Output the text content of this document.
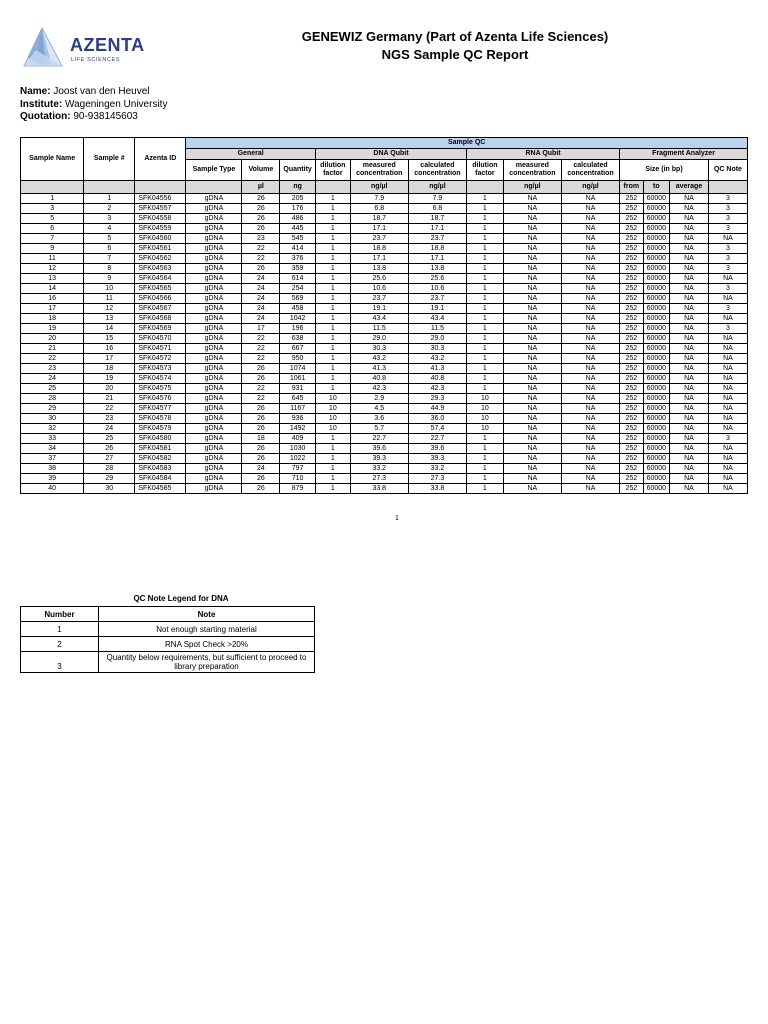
AZENTA
LIFE SCIENCES
GENEWIZ Germany (Part of Azenta Life Sciences)
NGS Sample QC Report
Name: Joost van den Heuvel
Institute: Wageningen University
Quotation: 90-938145603
Sample Name	Sample #	Azenta ID	Sample QC												
			General			DNA Qubit			RNA Qubit			Fragment Analyzer			
			Sample Type	Volume	Quantity	dilution factor	measured concentration	calculated concentration	dilution factor	measured concentration	calculated concentration	Size (in bp)			QC Note
				µl	ng		ng/µl	ng/µl		ng/µl	ng/µl	from	to	average	
1	1	SFK04556	gDNA	26	205	1	7.9	7.9	1	NA	NA	252	60000	NA	3
3	2	SFK04557	gDNA	26	176	1	6.8	6.8	1	NA	NA	252	60000	NA	3
5	3	SFK04558	gDNA	26	486	1	18.7	18.7	1	NA	NA	252	60000	NA	3
6	4	SFK04559	gDNA	26	445	1	17.1	17.1	1	NA	NA	252	60000	NA	3
7	5	SFK04560	gDNA	23	545	1	23.7	23.7	1	NA	NA	252	60000	NA	NA
9	6	SFK04561	gDNA	22	414	1	18.8	18.8	1	NA	NA	252	60000	NA	3
11	7	SFK04562	gDNA	22	376	1	17.1	17.1	1	NA	NA	252	60000	NA	3
12	8	SFK04563	gDNA	26	359	1	13.8	13.8	1	NA	NA	252	60000	NA	3
13	9	SFK04564	gDNA	24	614	1	25.6	25.6	1	NA	NA	252	60000	NA	NA
14	10	SFK04565	gDNA	24	254	1	10.6	10.6	1	NA	NA	252	60000	NA	3
16	11	SFK04566	gDNA	24	569	1	23.7	23.7	1	NA	NA	252	60000	NA	NA
17	12	SFK04567	gDNA	24	458	1	19.1	19.1	1	NA	NA	252	60000	NA	3
18	13	SFK04568	gDNA	24	1042	1	43.4	43.4	1	NA	NA	252	60000	NA	NA
19	14	SFK04569	gDNA	17	196	1	11.5	11.5	1	NA	NA	252	60000	NA	3
20	15	SFK04570	gDNA	22	638	1	29.0	29.0	1	NA	NA	252	60000	NA	NA
21	16	SFK04571	gDNA	22	667	1	30.3	30.3	1	NA	NA	252	60000	NA	NA
22	17	SFK04572	gDNA	22	950	1	43.2	43.2	1	NA	NA	252	60000	NA	NA
23	18	SFK04573	gDNA	26	1074	1	41.3	41.3	1	NA	NA	252	60000	NA	NA
24	19	SFK04574	gDNA	26	1061	1	40.8	40.8	1	NA	NA	252	60000	NA	NA
25	20	SFK04575	gDNA	22	931	1	42.3	42.3	1	NA	NA	252	60000	NA	NA
28	21	SFK04576	gDNA	22	645	10	2.9	29.3	10	NA	NA	252	60000	NA	NA
29	22	SFK04577	gDNA	26	1167	10	4.5	44.9	10	NA	NA	252	60000	NA	NA
30	23	SFK04578	gDNA	26	936	10	3.6	36.0	10	NA	NA	252	60000	NA	NA
32	24	SFK04579	gDNA	26	1492	10	5.7	57.4	10	NA	NA	252	60000	NA	NA
33	25	SFK04580	gDNA	18	409	1	22.7	22.7	1	NA	NA	252	60000	NA	3
34	26	SFK04581	gDNA	26	1030	1	39.6	39.6	1	NA	NA	252	60000	NA	NA
37	27	SFK04582	gDNA	26	1022	1	39.3	39.3	1	NA	NA	252	60000	NA	NA
38	28	SFK04583	gDNA	24	797	1	33.2	33.2	1	NA	NA	252	60000	NA	NA
39	29	SFK04584	gDNA	26	710	1	27.3	27.3	1	NA	NA	252	60000	NA	NA
40	30	SFK04585	gDNA	26	879	1	33.8	33.8	1	NA	NA	252	60000	NA	NA
1
QC Note Legend for DNA
Number	Note
1	Not enough starting material
2	RNA Spot Check >20%
3	Quantity below requirements, but sufficient to proceed to library preparation
